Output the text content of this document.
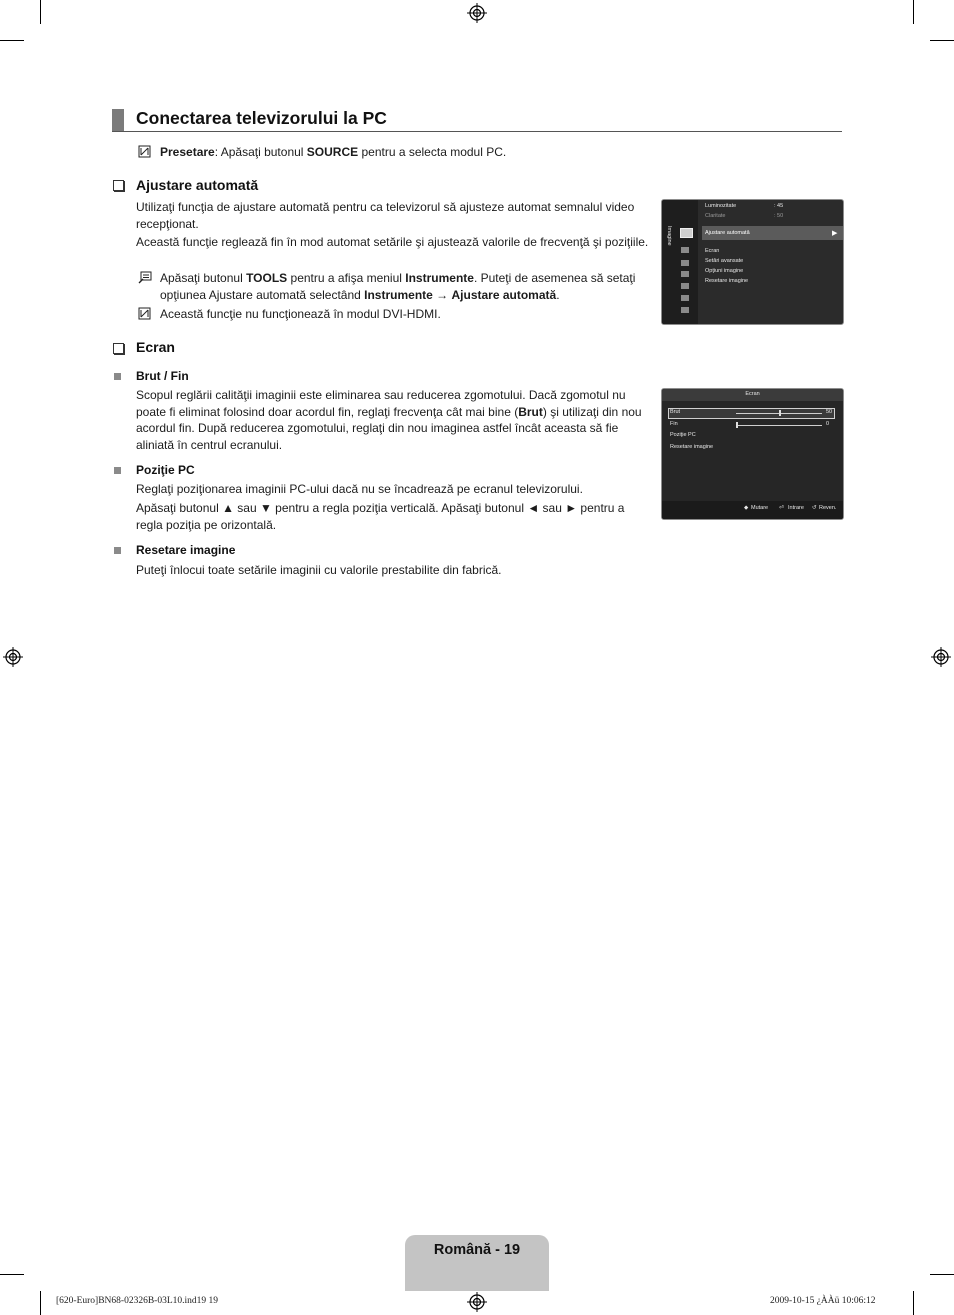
Conectarea televizorului la PC
Presetare: Apăsaţi butonul SOURCE pentru a selecta modul PC.
Ajustare automată
Utilizaţi funcţia de ajustare automată pentru ca televizorul să ajusteze automat semnalul video recepţionat.
Această funcţie reglează fin în mod automat setările şi ajustează valorile de frecvenţă şi poziţiile.
Apăsaţi butonul TOOLS pentru a afişa meniul Instrumente. Puteţi de asemenea să setaţi opţiunea Ajustare automată selectând Instrumente → Ajustare automată.
Această funcţie nu funcţionează în modul DVI-HDMI.
Imagine
Luminozitate	: 45
Claritate	: 50
Ajustare automată	▶
Ecran
Setări avansate
Opţiuni imagine
Resetare imagine
Ecran
Brut / Fin
Scopul reglării calităţii imaginii este eliminarea sau reducerea zgomotului. Dacă zgomotul nu poate fi eliminat folosind doar acordul fin, reglaţi frecvenţa cât mai bine (Brut) şi utilizaţi din nou acordul fin. După reducerea zgomotului, reglaţi din nou imaginea astfel încât aceasta să fie aliniată în centrul ecranului.
Poziţie PC
Reglaţi poziţionarea imaginii PC-ului dacă nu se încadrează pe ecranul televizorului.
Apăsaţi butonul ▲ sau ▼ pentru a regla poziţia verticală. Apăsaţi butonul ◄ sau ► pentru a regla poziţia pe orizontală.
Resetare imagine
Puteţi înlocui toate setările imaginii cu valorile prestabilite din fabrică.
Ecran
Brut	50
Fin	0
Poziţie PC
Resetare imagine
◆ Mutare ⏎ Intrare ↺ Reven.
Română - 19
[620-Euro]BN68-02326B-03L10.ind19 19	2009-10-15 ¿ÀÀü 10:06:12
